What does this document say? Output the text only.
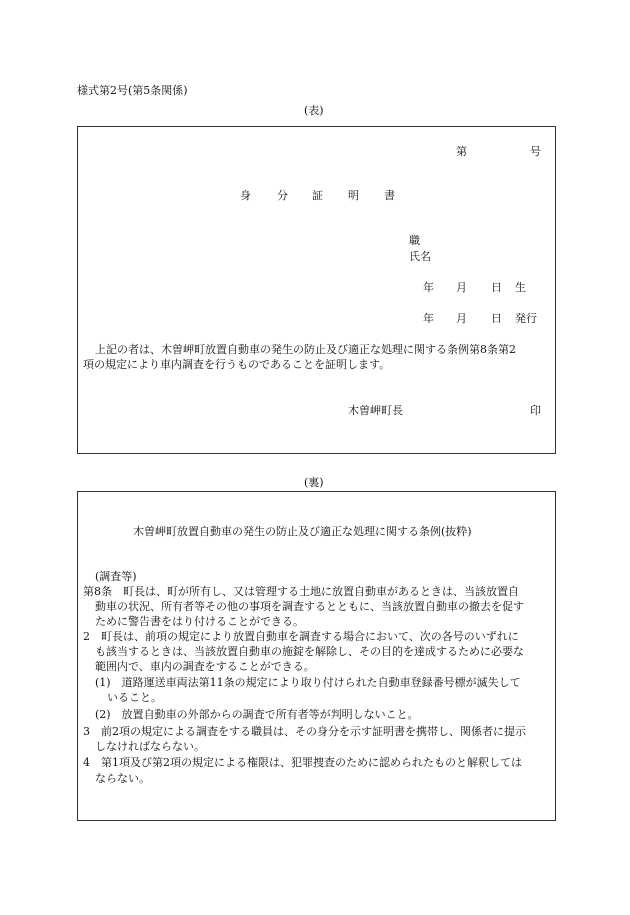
様式第2号(第5条関係)
(表)
第	号
身 分 証 明 書
職
氏名
年 月 日 生
年 月 日 発行
上記の者は、木曽岬町放置自動車の発生の防止及び適正な処理に関する条例第8条第2
項の規定により車内調査を行うものであることを証明します。
木曽岬町長	印
(裏)
木曽岬町放置自動車の発生の防止及び適正な処理に関する条例(抜粋)
(調査等)
第8条　町長は、町が所有し、又は管理する土地に放置自動車があるときは、当該放置自
動車の状況、所有者等その他の事項を調査するとともに、当該放置自動車の撤去を促す
ために警告書をはり付けることができる。
2　町長は、前項の規定により放置自動車を調査する場合において、次の各号のいずれに
も該当するときは、当該放置自動車の施錠を解除し、その目的を達成するために必要な
範囲内で、車内の調査をすることができる。
(1)　道路運送車両法第11条の規定により取り付けられた自動車登録番号標が滅失して
いること。
(2)　放置自動車の外部からの調査で所有者等が判明しないこと。
3　前2項の規定による調査をする職員は、その身分を示す証明書を携帯し、関係者に提示
しなければならない。
4　第1項及び第2項の規定による権限は、犯罪捜査のために認められたものと解釈しては
ならない。
